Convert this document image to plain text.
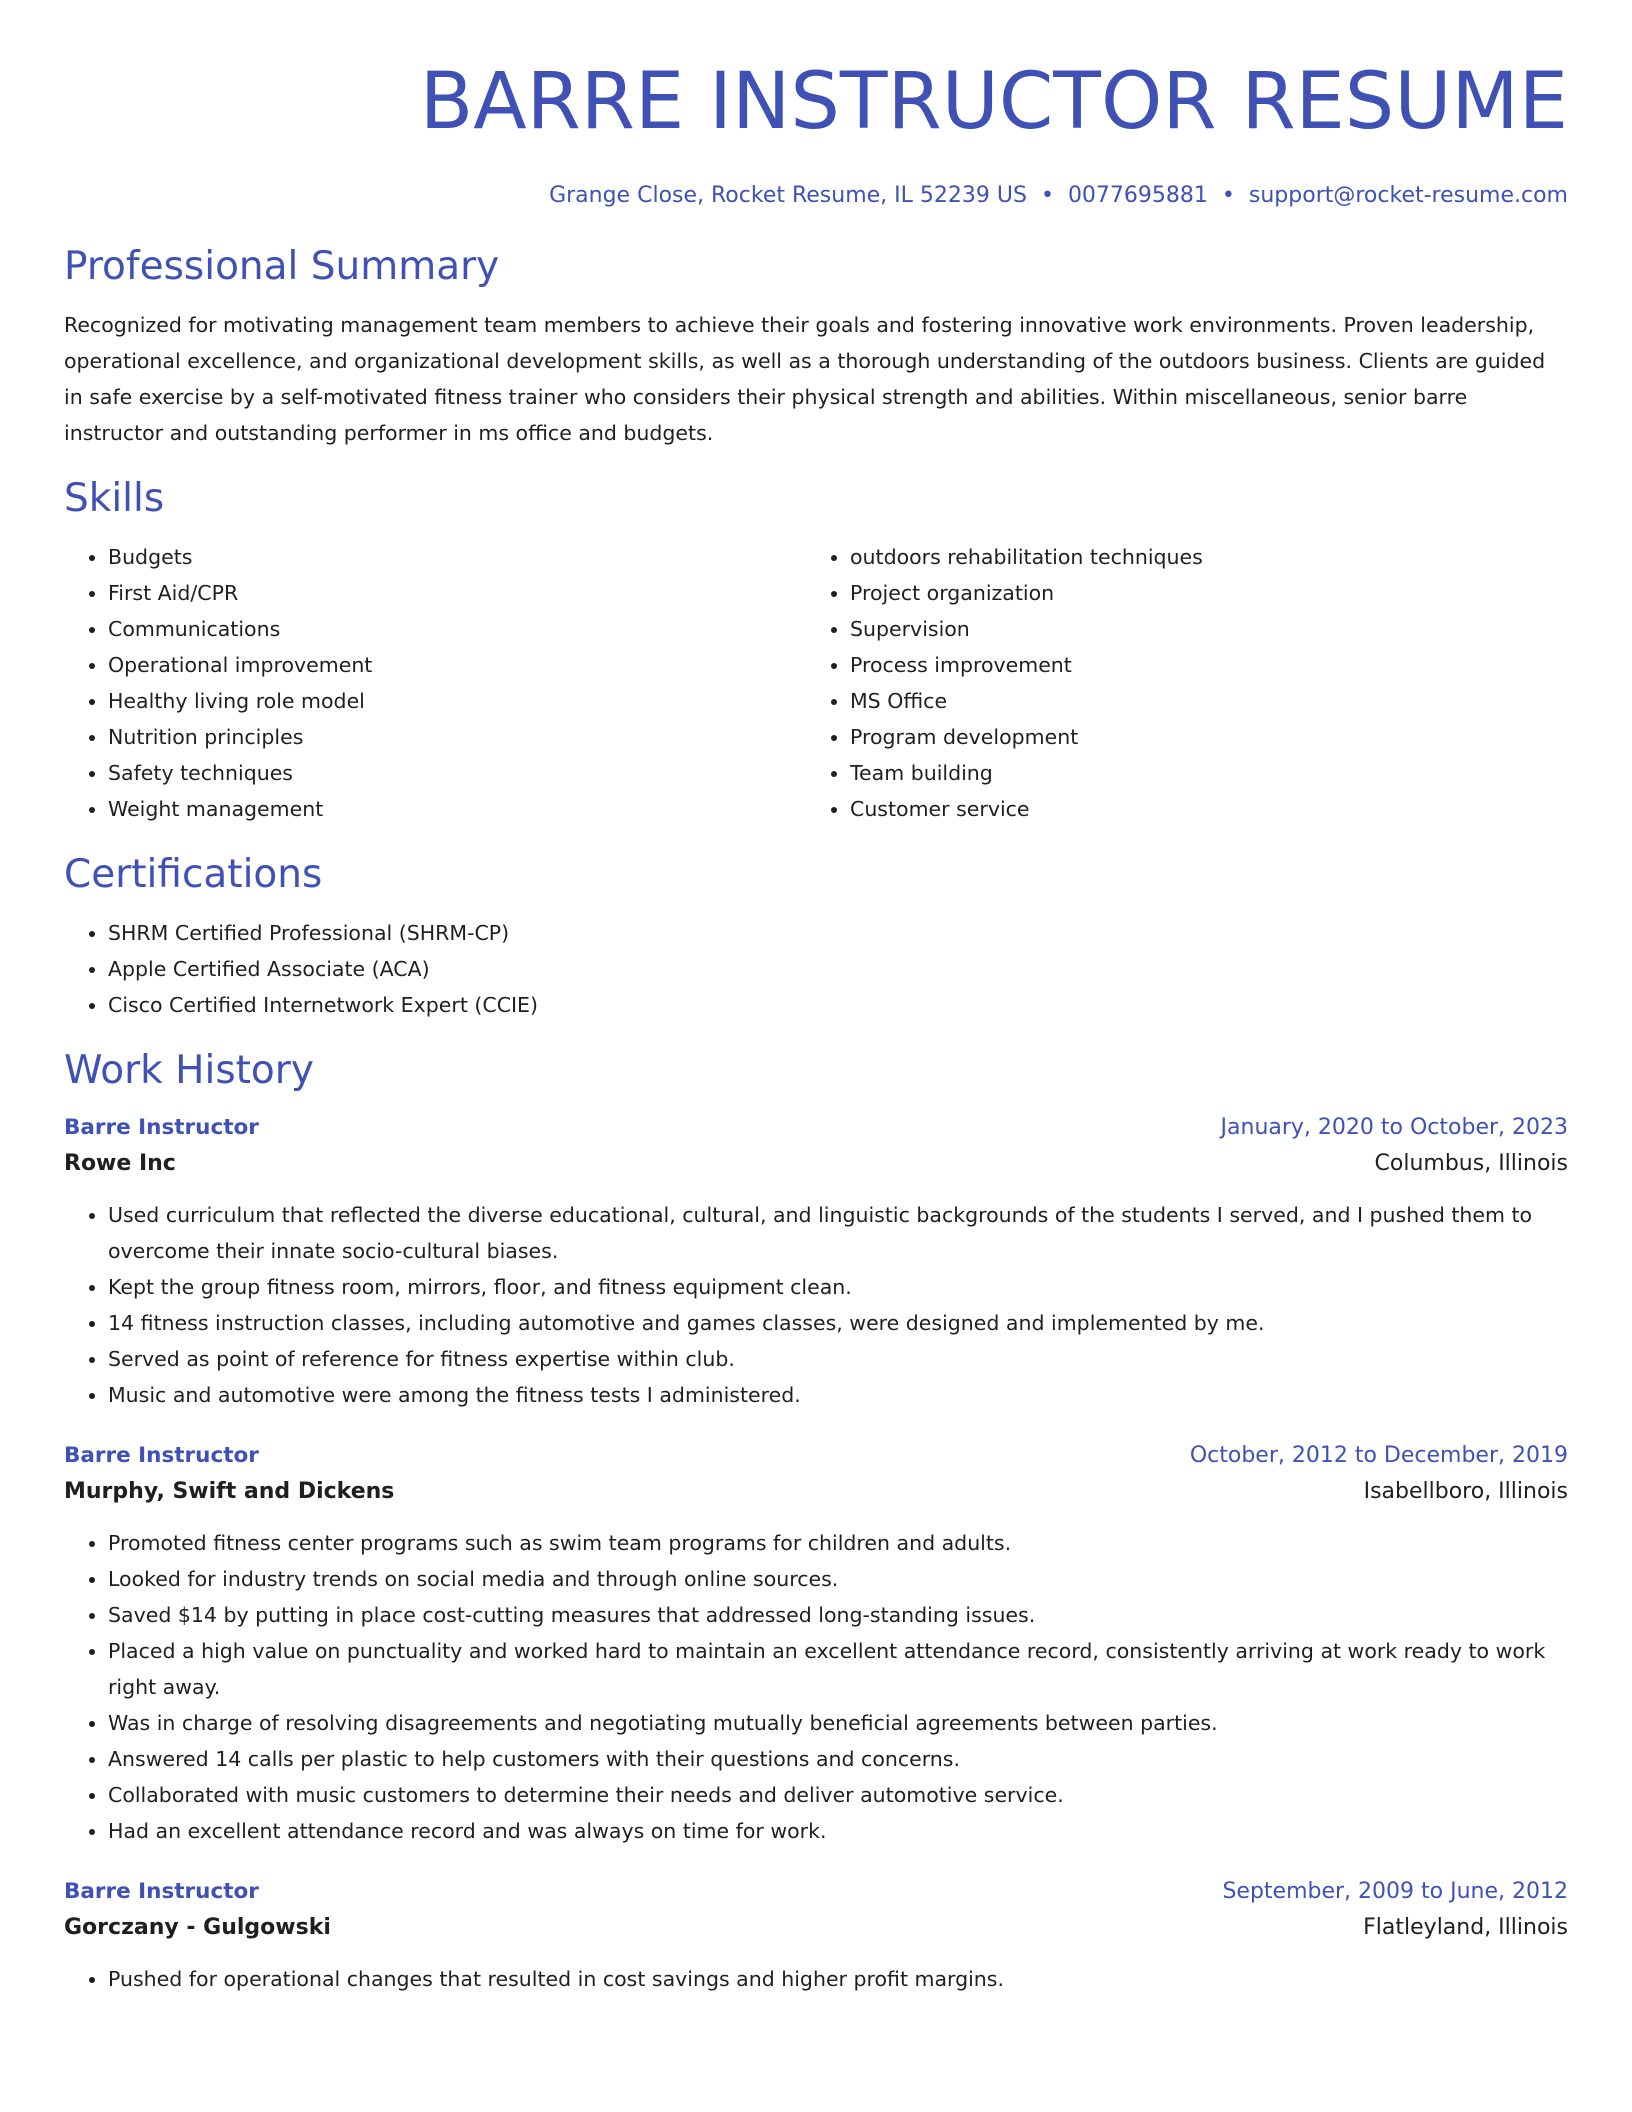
BARRE INSTRUCTOR RESUME
Grange Close, Rocket Resume, IL 52239 US • 0077695881 • support@rocket-resume.com
Professional Summary

Recognized for motivating management team members to achieve their goals and fostering innovative work environments. Proven leadership, operational excellence, and organizational development skills, as well as a thorough understanding of the outdoors business. Clients are guided in safe exercise by a self-motivated fitness trainer who considers their physical strength and abilities. Within miscellaneous, senior barre instructor and outstanding performer in ms office and budgets.

Skills
• Budgets
• First Aid/CPR
• Communications
• Operational improvement
• Healthy living role model
• Nutrition principles
• Safety techniques
• Weight management
• outdoors rehabilitation techniques
• Project organization
• Supervision
• Process improvement
• MS Office
• Program development
• Team building
• Customer service
Certifications
• SHRM Certified Professional (SHRM-CP)
• Apple Certified Associate (ACA)
• Cisco Certified Internetwork Expert (CCIE)
Work History
Barre Instructor	January, 2020 to October, 2023
Rowe Inc	Columbus, Illinois
• Used curriculum that reflected the diverse educational, cultural, and linguistic backgrounds of the students I served, and I pushed them to overcome their innate socio-cultural biases.
• Kept the group fitness room, mirrors, floor, and fitness equipment clean.
• 14 fitness instruction classes, including automotive and games classes, were designed and implemented by me.
• Served as point of reference for fitness expertise within club.
• Music and automotive were among the fitness tests I administered.
Barre Instructor	October, 2012 to December, 2019
Murphy, Swift and Dickens	Isabellboro, Illinois
• Promoted fitness center programs such as swim team programs for children and adults.
• Looked for industry trends on social media and through online sources.
• Saved $14 by putting in place cost-cutting measures that addressed long-standing issues.
• Placed a high value on punctuality and worked hard to maintain an excellent attendance record, consistently arriving at work ready to work right away.
• Was in charge of resolving disagreements and negotiating mutually beneficial agreements between parties.
• Answered 14 calls per plastic to help customers with their questions and concerns.
• Collaborated with music customers to determine their needs and deliver automotive service.
• Had an excellent attendance record and was always on time for work.
Barre Instructor	September, 2009 to June, 2012
Gorczany - Gulgowski	Flatleyland, Illinois
• Pushed for operational changes that resulted in cost savings and higher profit margins.
